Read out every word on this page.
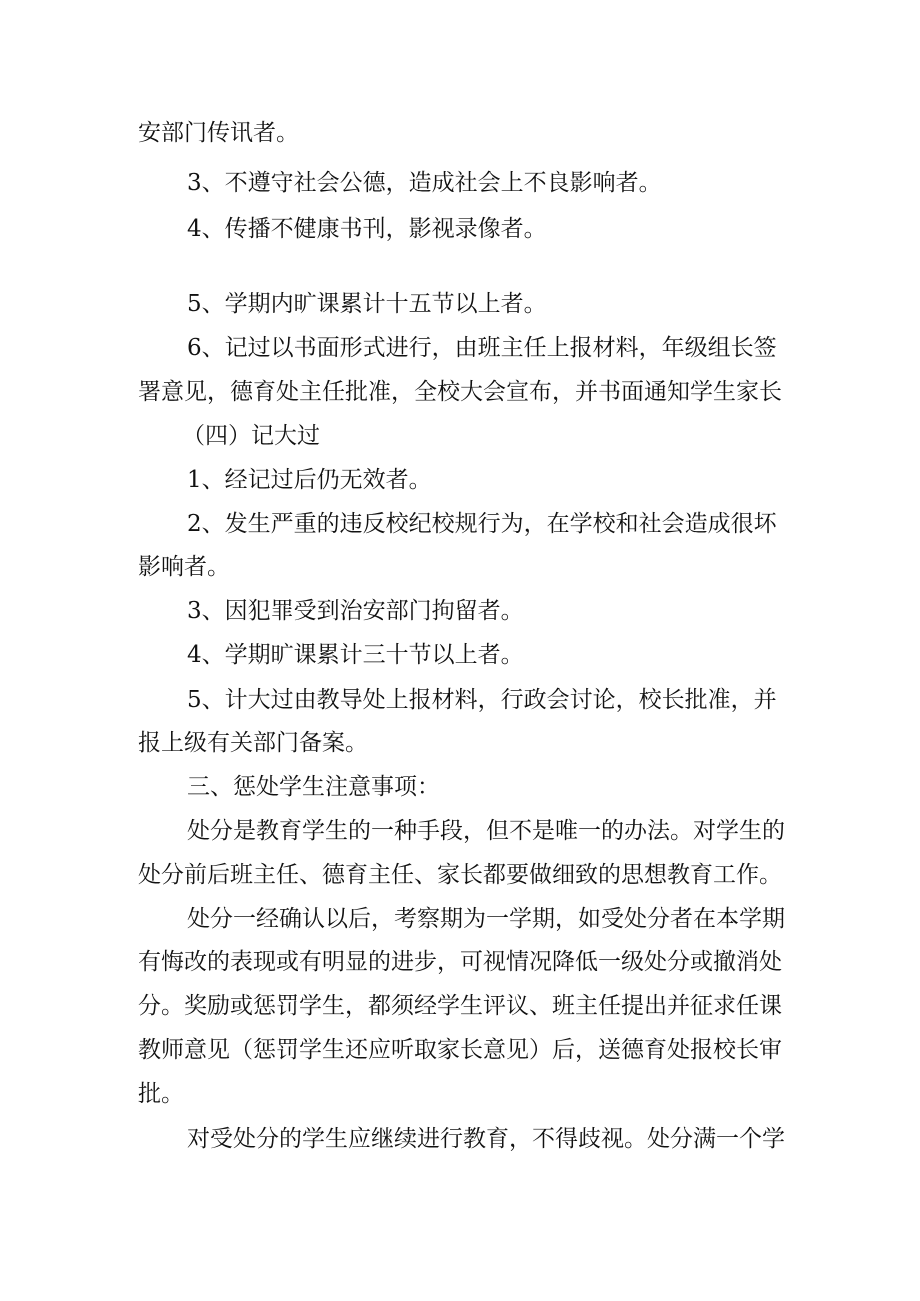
安部门传讯者。
3、不遵守社会公德，造成社会上不良影响者。
4、传播不健康书刊，影视录像者。
5、学期内旷课累计十五节以上者。
6、记过以书面形式进行，由班主任上报材料，年级组长签
署意见，德育处主任批准，全校大会宣布，并书面通知学生家长
（四）记大过
1、经记过后仍无效者。
2、发生严重的违反校纪校规行为，在学校和社会造成很坏
影响者。
3、因犯罪受到治安部门拘留者。
4、学期旷课累计三十节以上者。
5、计大过由教导处上报材料，行政会讨论，校长批准，并
报上级有关部门备案。
三、惩处学生注意事项：
处分是教育学生的一种手段，但不是唯一的办法。对学生的
处分前后班主任、德育主任、家长都要做细致的思想教育工作。
处分一经确认以后，考察期为一学期，如受处分者在本学期
有悔改的表现或有明显的进步，可视情况降低一级处分或撤消处
分。奖励或惩罚学生，都须经学生评议、班主任提出并征求任课
教师意见（惩罚学生还应听取家长意见）后，送德育处报校长审
批。
对受处分的学生应继续进行教育，不得歧视。处分满一个学
